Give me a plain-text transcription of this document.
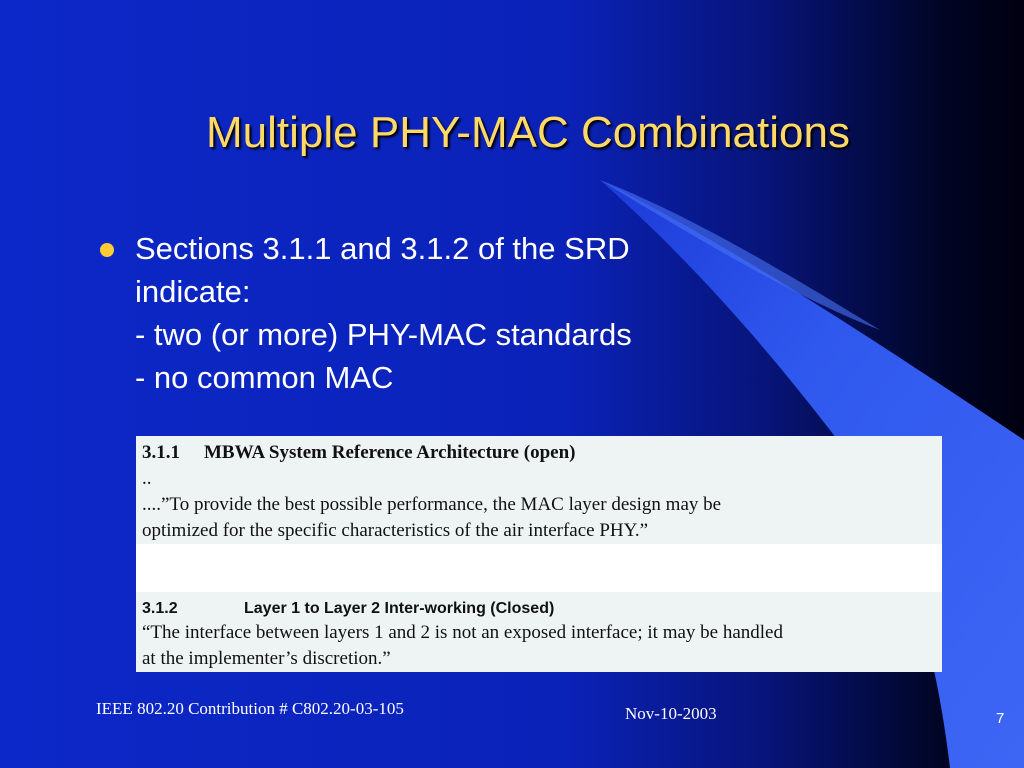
Multiple PHY-MAC Combinations
Sections 3.1.1 and 3.1.2 of the SRD
indicate:
- two (or more) PHY-MAC standards
- no common MAC
3.1.1 MBWA System Reference Architecture (open)
..
....”To provide the best possible performance, the MAC layer design may be
optimized for the specific characteristics of the air interface PHY.”
3.1.2	Layer 1 to Layer 2 Inter-working (Closed)
“The interface between layers 1 and 2 is not an exposed interface; it may be handled
at the implementer’s discretion.”
IEEE 802.20 Contribution # C802.20-03-105	Nov-10-2003	7
